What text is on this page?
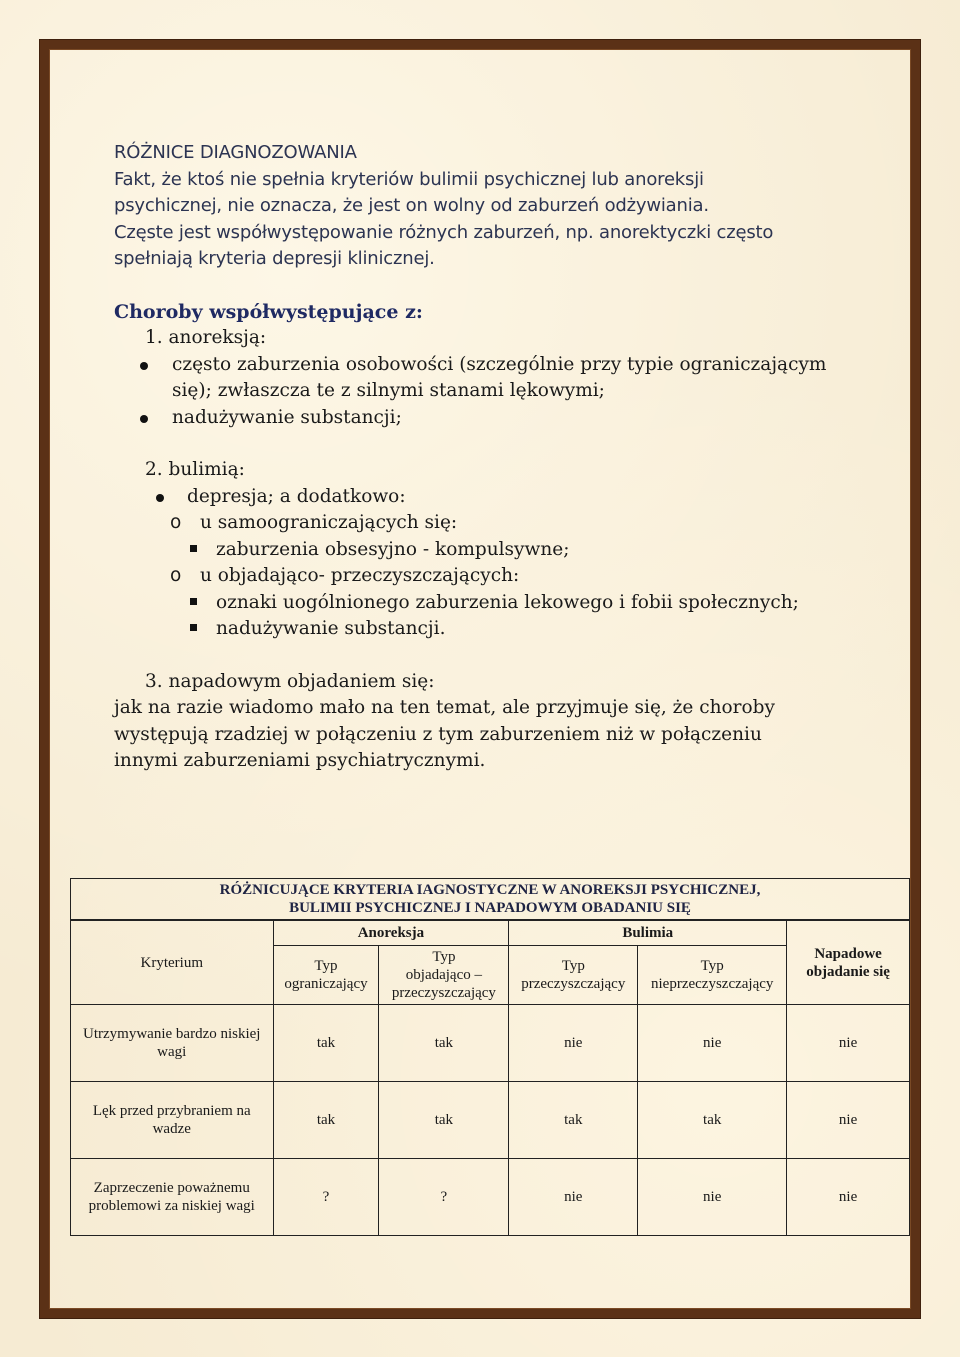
RÓŻNICE DIAGNOZOWANIA

Fakt, że ktoś nie spełnia kryteriów bulimii psychicznej lub anoreksji

psychicznej, nie oznacza, że jest on wolny od zaburzeń odżywiania.

Częste jest współwystępowanie różnych zaburzeń, np. anorektyczki często

spełniają kryteria depresji klinicznej.

Choroby współwystępujące z:

1. anoreksją:

często zaburzenia osobowości (szczególnie przy typie ograniczającym
się); zwłaszcza te z silnymi stanami lękowymi;
nadużywanie substancji;

2. bulimią:

depresja; a dodatkowo:
o u samoograniczających się:
zaburzenia obsesyjno - kompulsywne;
o u objadająco- przeczyszczających:
oznaki uogólnionego zaburzenia lekowego i fobii społecznych;
nadużywanie substancji.

3. napadowym objadaniem się:

jak na razie wiadomo mało na ten temat, ale przyjmuje się, że choroby

występują rzadziej w połączeniu z tym zaburzeniem niż w połączeniu

innymi zaburzeniami psychiatrycznymi.

RÓŻNICUJĄCE KRYTERIA IAGNOSTYCZNE W ANOREKSJI PSYCHICZNEJ,
BULIMII PSYCHICZNEJ I NAPADOWYM OBADANIU SIĘ					

Kryterium	Anoreksja		Bulimia		Napadowe objadanie się
	Typ ograniczający	Typ
objadająco –
przeczyszczający	Typ przeczyszczający	Typ nieprzeczyszczający	
Utrzymywanie bardzo niskiej wagi	tak	tak	nie	nie	nie
Lęk przed przybraniem na wadze	tak	tak	tak	tak	nie
Zaprzeczenie poważnemu problemowi za niskiej wagi	?	?	nie	nie	nie
